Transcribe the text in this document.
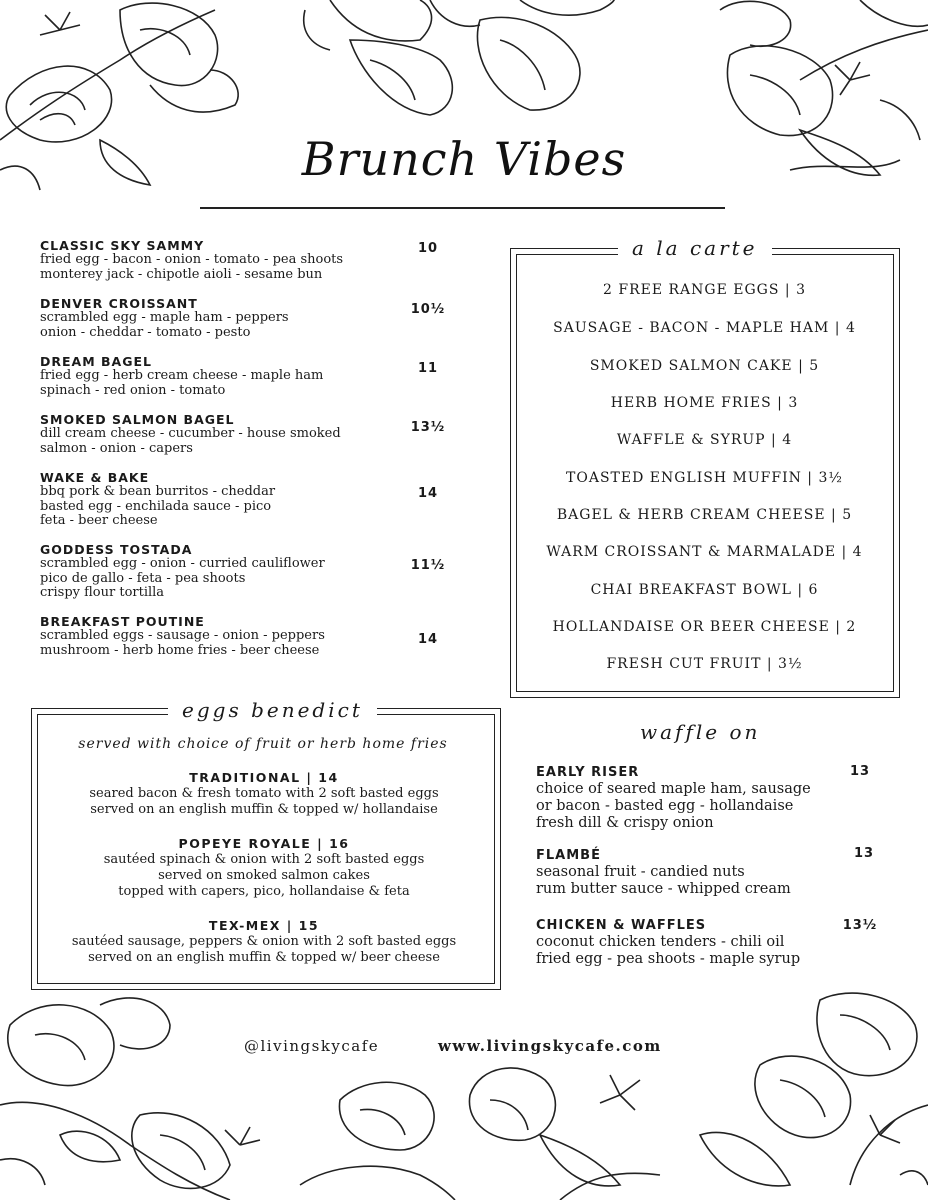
Brunch Vibes
CLASSIC SKY SAMMY
fried egg - bacon - onion - tomato - pea shoots
monterey jack - chipotle aioli - sesame bun
10
DENVER CROISSANT
scrambled egg - maple ham - peppers
onion - cheddar - tomato - pesto
10½
DREAM BAGEL
fried egg - herb cream cheese - maple ham
spinach - red onion - tomato
11
SMOKED SALMON BAGEL
dill cream cheese - cucumber - house smoked
salmon - onion - capers
13½
WAKE & BAKE
bbq pork & bean burritos - cheddar
basted egg - enchilada sauce - pico
feta - beer cheese
14
GODDESS TOSTADA
scrambled egg - onion - curried cauliflower
pico de gallo - feta - pea shoots
crispy flour tortilla
11½
BREAKFAST POUTINE
scrambled eggs - sausage - onion - peppers
mushroom - herb home fries - beer cheese
14
a la carte
2 FREE RANGE EGGS | 3
SAUSAGE - BACON - MAPLE HAM | 4
SMOKED SALMON CAKE | 5
HERB HOME FRIES | 3
WAFFLE & SYRUP | 4
TOASTED ENGLISH MUFFIN | 3½
BAGEL & HERB CREAM CHEESE | 5
WARM CROISSANT & MARMALADE | 4
CHAI BREAKFAST BOWL | 6
HOLLANDAISE OR BEER CHEESE | 2
FRESH CUT FRUIT | 3½
eggs benedict
served with choice of fruit or herb home fries
TRADITIONAL | 14
seared bacon & fresh tomato with 2 soft basted eggs
served on an english muffin & topped w/ hollandaise
POPEYE ROYALE | 16
sautéed spinach & onion with 2 soft basted eggs
served on smoked salmon cakes
topped with capers, pico, hollandaise & feta
TEX-MEX | 15
sautéed sausage, peppers & onion with 2 soft basted eggs
served on an english muffin & topped w/ beer cheese
waffle on
EARLY RISER
choice of seared maple ham, sausage
or bacon - basted egg - hollandaise
fresh dill & crispy onion
13
FLAMBÉ
seasonal fruit - candied nuts
rum butter sauce - whipped cream
13
CHICKEN & WAFFLES
coconut chicken tenders - chili oil
fried egg - pea shoots - maple syrup
13½
@livingskycafe	www.livingskycafe.com
